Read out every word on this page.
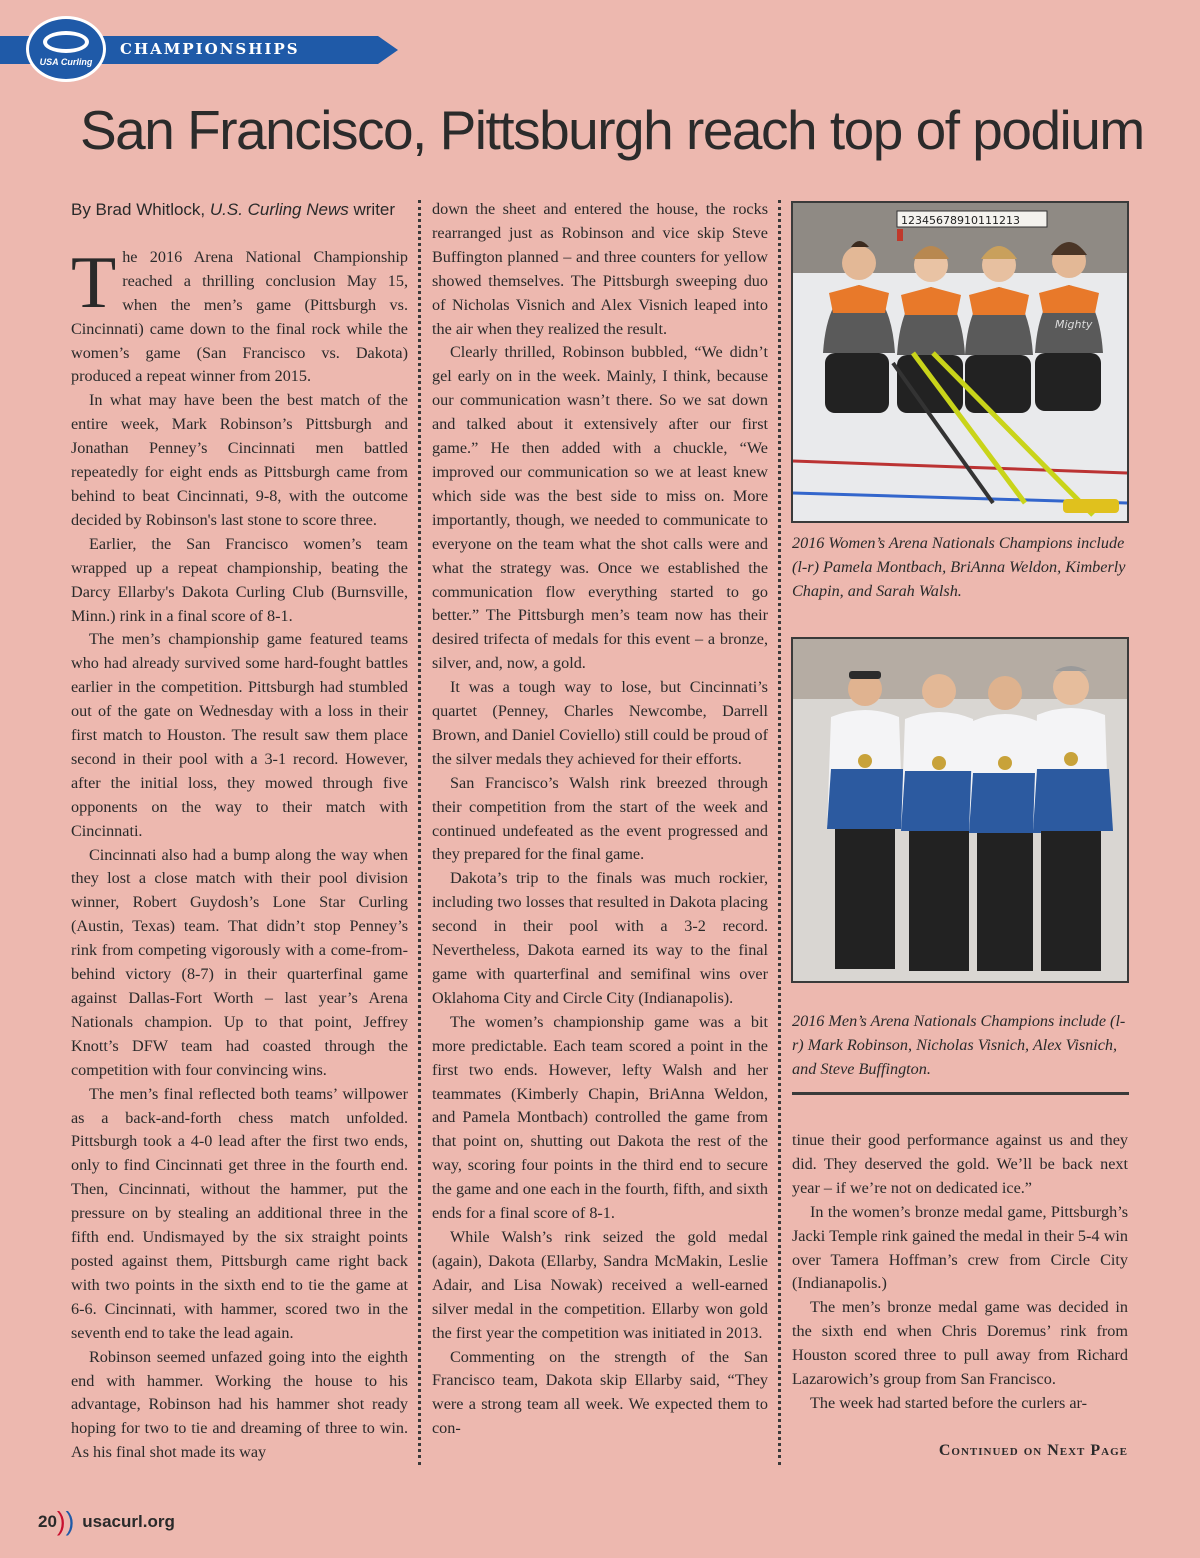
CHAMPIONSHIPS
USA Curling
San Francisco, Pittsburgh reach top of podium

By Brad Whitlock, U.S. Curling News writer

The 2016 Arena National Championship reached a thrilling conclusion May 15, when the men’s game (Pittsburgh vs. Cincinnati) came down to the final rock while the women’s game (San Francisco vs. Dakota) produced a repeat winner from 2015.

In what may have been the best match of the entire week, Mark Robinson’s Pittsburgh and Jonathan Penney’s Cincinnati men battled repeatedly for eight ends as Pittsburgh came from behind to beat Cincinnati, 9-8, with the outcome decided by Robinson's last stone to score three.

Earlier, the San Francisco women’s team wrapped up a repeat championship, beating the Darcy Ellarby's Dakota Curling Club (Burnsville, Minn.) rink in a final score of 8-1.

The men’s championship game featured teams who had already survived some hard-fought battles earlier in the competition. Pittsburgh had stumbled out of the gate on Wednesday with a loss in their first match to Houston. The result saw them place second in their pool with a 3-1 record. However, after the initial loss, they mowed through five opponents on the way to their match with Cincinnati.

Cincinnati also had a bump along the way when they lost a close match with their pool division winner, Robert Guydosh’s Lone Star Curling (Austin, Texas) team. That didn’t stop Penney’s rink from competing vigorously with a come-from-behind victory (8-7) in their quarterfinal game against Dallas-Fort Worth – last year’s Arena Nationals champion. Up to that point, Jeffrey Knott’s DFW team had coasted through the competition with four convincing wins.

The men’s final reflected both teams’ willpower as a back-and-forth chess match unfolded. Pittsburgh took a 4-0 lead after the first two ends, only to find Cincinnati get three in the fourth end. Then, Cincinnati, without the hammer, put the pressure on by stealing an additional three in the fifth end. Undismayed by the six straight points posted against them, Pittsburgh came right back with two points in the sixth end to tie the game at 6-6. Cincinnati, with hammer, scored two in the seventh end to take the lead again.

Robinson seemed unfazed going into the eighth end with hammer. Working the house to his advantage, Robinson had his hammer shot ready hoping for two to tie and dreaming of three to win. As his final shot made its way

down the sheet and entered the house, the rocks rearranged just as Robinson and vice skip Steve Buffington planned – and three counters for yellow showed themselves. The Pittsburgh sweeping duo of Nicholas Visnich and Alex Visnich leaped into the air when they realized the result.

Clearly thrilled, Robinson bubbled, “We didn’t gel early on in the week. Mainly, I think, because our communication wasn’t there. So we sat down and talked about it extensively after our first game.” He then added with a chuckle, “We improved our communication so we at least knew which side was the best side to miss on. More importantly, though, we needed to communicate to everyone on the team what the shot calls were and what the strategy was. Once we established the communication flow everything started to go better.” The Pittsburgh men’s team now has their desired trifecta of medals for this event – a bronze, silver, and, now, a gold.

It was a tough way to lose, but Cincinnati’s quartet (Penney, Charles Newcombe, Darrell Brown, and Daniel Coviello) still could be proud of the silver medals they achieved for their efforts.

San Francisco’s Walsh rink breezed through their competition from the start of the week and continued undefeated as the event progressed and they prepared for the final game.

Dakota’s trip to the finals was much rockier, including two losses that resulted in Dakota placing second in their pool with a 3-2 record. Nevertheless, Dakota earned its way to the final game with quarterfinal and semifinal wins over Oklahoma City and Circle City (Indianapolis).

The women’s championship game was a bit more predictable. Each team scored a point in the first two ends. However, lefty Walsh and her teammates (Kimberly Chapin, BriAnna Weldon, and Pamela Montbach) controlled the game from that point on, shutting out Dakota the rest of the way, scoring four points in the third end to secure the game and one each in the fourth, fifth, and sixth ends for a final score of 8-1.

While Walsh’s rink seized the gold medal (again), Dakota (Ellarby, Sandra McMakin, Leslie Adair, and Lisa Nowak) received a well-earned silver medal in the competition. Ellarby won gold the first year the competition was initiated in 2013.

Commenting on the strength of the San Francisco team, Dakota skip Ellarby said, “They were a strong team all week. We expected them to con-

12345678910111213
Mighty
2016 Women’s Arena Nationals Champions include (l-r) Pamela Montbach, BriAnna Weldon, Kimberly Chapin, and Sarah Walsh.
2016 Men’s Arena Nationals Champions include (l-r) Mark Robinson, Nicholas Visnich, Alex Visnich, and Steve Buffington.

tinue their good performance against us and they did. They deserved the gold. We’ll be back next year – if we’re not on dedicated ice.”

In the women’s bronze medal game, Pittsburgh’s Jacki Temple rink gained the medal in their 5-4 win over Tamera Hoffman’s crew from Circle City (Indianapolis.)

The men’s bronze medal game was decided in the sixth end when Chris Doremus’ rink from Houston scored three to pull away from Richard Lazarowich’s group from San Francisco.

The week had started before the curlers ar-

Continued on Next Page
20)) usacurl.org
